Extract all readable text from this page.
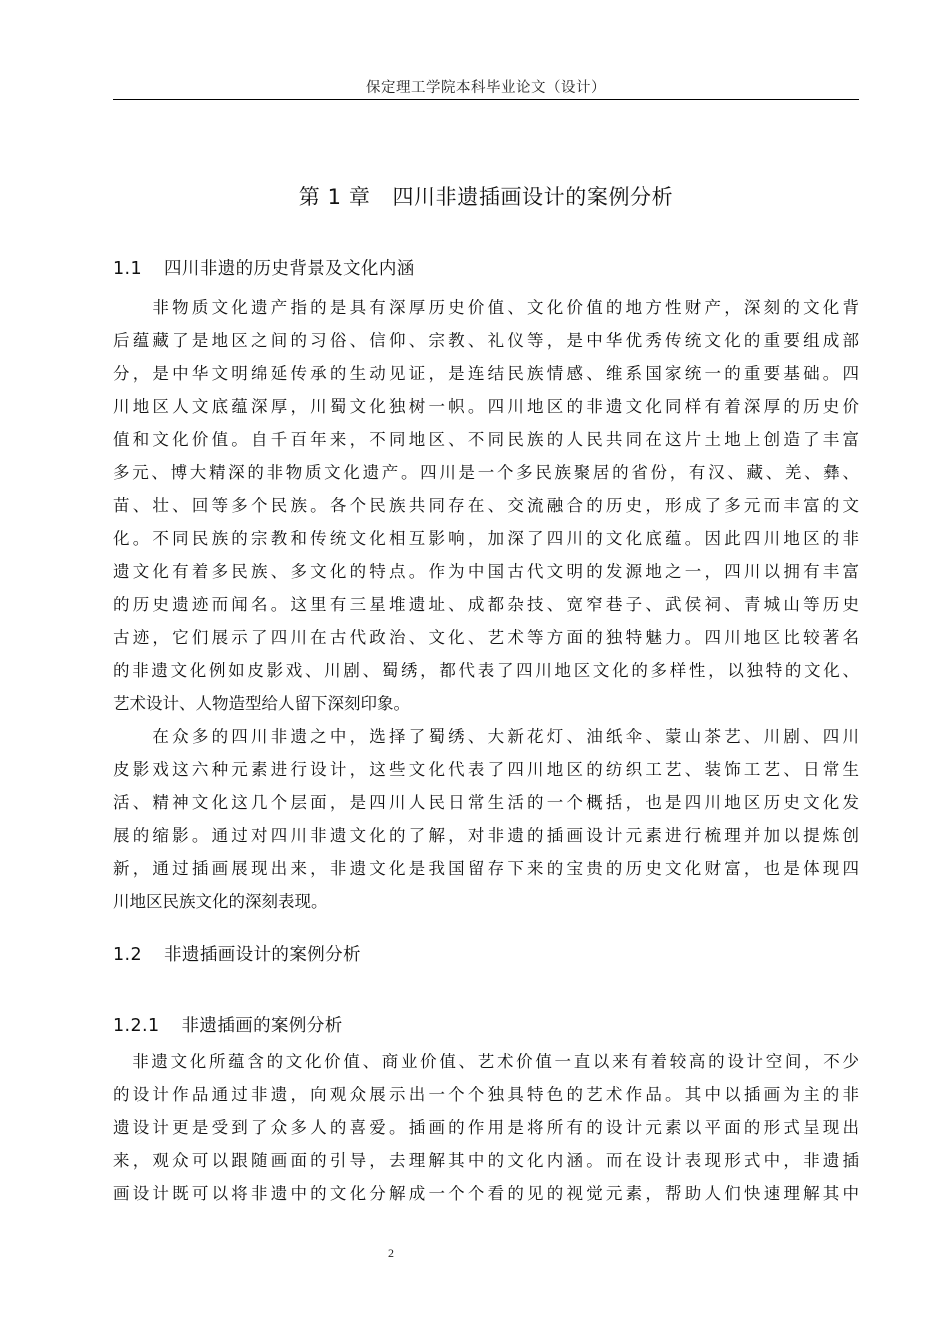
保定理工学院本科毕业论文（设计）
第 1 章 四川非遗插画设计的案例分析
1.1 四川非遗的历史背景及文化内涵
　　非物质文化遗产指的是具有深厚历史价值、文化价值的地方性财产，深刻的文化背
后蕴藏了是地区之间的习俗、信仰、宗教、礼仪等，是中华优秀传统文化的重要组成部
分，是中华文明绵延传承的生动见证，是连结民族情感、维系国家统一的重要基础。四
川地区人文底蕴深厚，川蜀文化独树一帜。四川地区的非遗文化同样有着深厚的历史价
值和文化价值。自千百年来，不同地区、不同民族的人民共同在这片土地上创造了丰富
多元、博大精深的非物质文化遗产。四川是一个多民族聚居的省份，有汉、藏、羌、彝、
苗、壮、回等多个民族。各个民族共同存在、交流融合的历史，形成了多元而丰富的文
化。不同民族的宗教和传统文化相互影响，加深了四川的文化底蕴。因此四川地区的非
遗文化有着多民族、多文化的特点。作为中国古代文明的发源地之一，四川以拥有丰富
的历史遗迹而闻名。这里有三星堆遗址、成都杂技、宽窄巷子、武侯祠、青城山等历史
古迹，它们展示了四川在古代政治、文化、艺术等方面的独特魅力。四川地区比较著名
的非遗文化例如皮影戏、川剧、蜀绣，都代表了四川地区文化的多样性，以独特的文化、
艺术设计、人物造型给人留下深刻印象。
　　在众多的四川非遗之中，选择了蜀绣、大新花灯、油纸伞、蒙山茶艺、川剧、四川
皮影戏这六种元素进行设计，这些文化代表了四川地区的纺织工艺、装饰工艺、日常生
活、精神文化这几个层面，是四川人民日常生活的一个概括，也是四川地区历史文化发
展的缩影。通过对四川非遗文化的了解，对非遗的插画设计元素进行梳理并加以提炼创
新，通过插画展现出来，非遗文化是我国留存下来的宝贵的历史文化财富，也是体现四
川地区民族文化的深刻表现。
1.2 非遗插画设计的案例分析
1.2.1 非遗插画的案例分析
　非遗文化所蕴含的文化价值、商业价值、艺术价值一直以来有着较高的设计空间，不少
的设计作品通过非遗，向观众展示出一个个独具特色的艺术作品。其中以插画为主的非
遗设计更是受到了众多人的喜爱。插画的作用是将所有的设计元素以平面的形式呈现出
来，观众可以跟随画面的引导，去理解其中的文化内涵。而在设计表现形式中，非遗插
画设计既可以将非遗中的文化分解成一个个看的见的视觉元素，帮助人们快速理解其中
2
